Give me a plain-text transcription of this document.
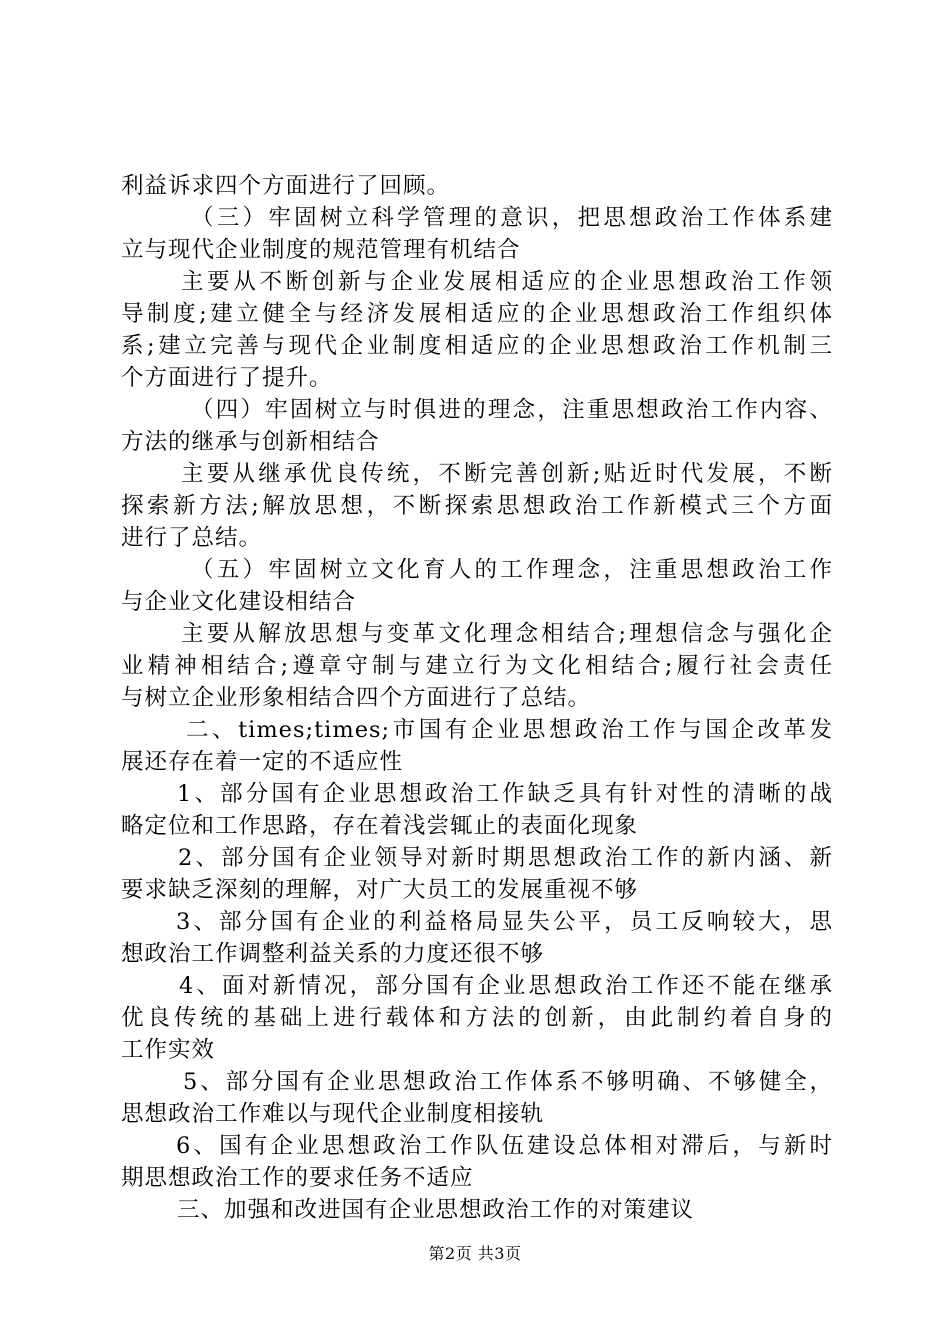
利益诉求四个方面进行了回顾。
（三）牢固树立科学管理的意识，把思想政治工作体系建
立与现代企业制度的规范管理有机结合
主要从不断创新与企业发展相适应的企业思想政治工作领
导制度;建立健全与经济发展相适应的企业思想政治工作组织体
系;建立完善与现代企业制度相适应的企业思想政治工作机制三
个方面进行了提升。
（四）牢固树立与时俱进的理念，注重思想政治工作内容、
方法的继承与创新相结合
主要从继承优良传统，不断完善创新;贴近时代发展，不断
探索新方法;解放思想，不断探索思想政治工作新模式三个方面
进行了总结。
（五）牢固树立文化育人的工作理念，注重思想政治工作
与企业文化建设相结合
主要从解放思想与变革文化理念相结合;理想信念与强化企
业精神相结合;遵章守制与建立行为文化相结合;履行社会责任
与树立企业形象相结合四个方面进行了总结。
二、times;times;市国有企业思想政治工作与国企改革发
展还存在着一定的不适应性
1、部分国有企业思想政治工作缺乏具有针对性的清晰的战
略定位和工作思路，存在着浅尝辄止的表面化现象
2、部分国有企业领导对新时期思想政治工作的新内涵、新
要求缺乏深刻的理解，对广大员工的发展重视不够
3、部分国有企业的利益格局显失公平，员工反响较大，思
想政治工作调整利益关系的力度还很不够
4、面对新情况，部分国有企业思想政治工作还不能在继承
优良传统的基础上进行载体和方法的创新，由此制约着自身的
工作实效
5、部分国有企业思想政治工作体系不够明确、不够健全，
思想政治工作难以与现代企业制度相接轨
6、国有企业思想政治工作队伍建设总体相对滞后，与新时
期思想政治工作的要求任务不适应
三、加强和改进国有企业思想政治工作的对策建议
第2页 共3页
